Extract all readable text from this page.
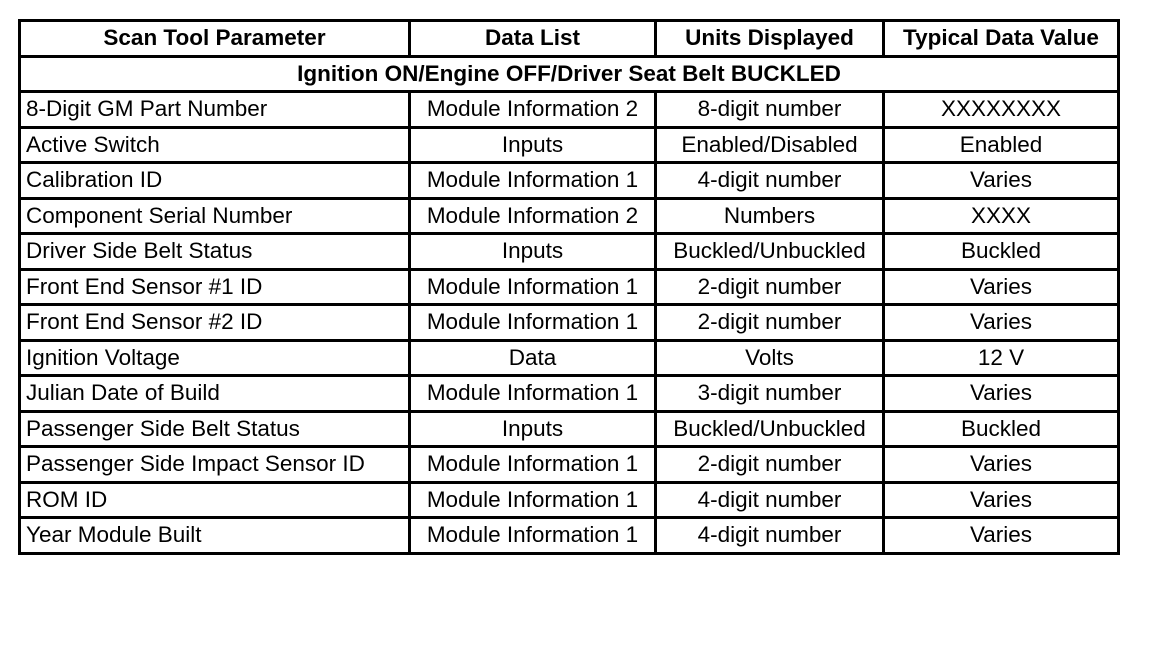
Scan Tool Parameter	Data List	Units Displayed	Typical Data Value
Ignition ON/Engine OFF/Driver Seat Belt BUCKLED			
8-Digit GM Part Number	Module Information 2	8-digit number	XXXXXXXX
Active Switch	Inputs	Enabled/Disabled	Enabled
Calibration ID	Module Information 1	4-digit number	Varies
Component Serial Number	Module Information 2	Numbers	XXXX
Driver Side Belt Status	Inputs	Buckled/Unbuckled	Buckled
Front End Sensor #1 ID	Module Information 1	2-digit number	Varies
Front End Sensor #2 ID	Module Information 1	2-digit number	Varies
Ignition Voltage	Data	Volts	12 V
Julian Date of Build	Module Information 1	3-digit number	Varies
Passenger Side Belt Status	Inputs	Buckled/Unbuckled	Buckled
Passenger Side Impact Sensor ID	Module Information 1	2-digit number	Varies
ROM ID	Module Information 1	4-digit number	Varies
Year Module Built	Module Information 1	4-digit number	Varies
